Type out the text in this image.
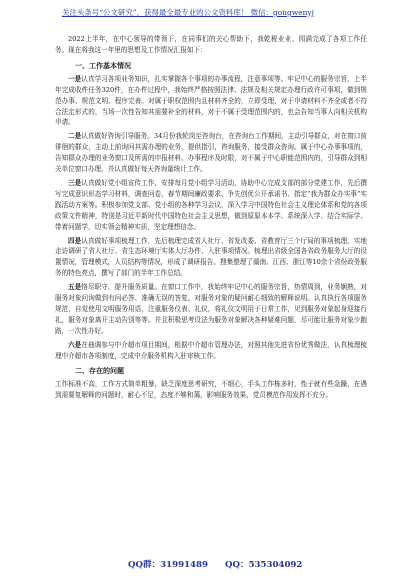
关注头条号“公文研究”，获得最全最专业的公文资料库！ 微信：gongwenyj

2022上半年，在中心领导的带领下，在同事们的关心帮助下，我乾税业业、园满完成了各项工作任务。现在将我这一年里的思想及工作情况汇报如下：

一、工作基本情况

一是认真学习各项业务知识，扎实掌握各个事项的办事流程，注意事项等。牢记中心的服务宗旨，上半年完成收件任务320件，在办件过程中，我始终严格按照法律、法规及相关规定办理行政许可事项，做到规范办事、规范文明、程序完善。对属于职权范围内且材料齐全的，立即受理，对于申请材料不齐全或者不符合法定形式的，当场一次性告知其需要补全的材料，对于不属于受理范围内的，也会告知当事人向相关机构申请。

二是认真做好咨询引导服务。34月份我轮岗至咨询台，在咨询台工作期间，主动引导群众，对在窗口前徘徊的群众，主动上前询问其需办理的业务，提供指引，咨询服务，接受群众咨询。属于中心办事事项的，告知群众办理的业务窗口及所需的申报材料、办事程序及时限，对不属于中心职能范围内的，引导群众到相关单位窗口办理，并认真做好每天咨询量统计工作。

三是认真做好党小组宣传工作，安排每月党小组学习活动，协助中心完成支部的部分党建工作，先后撰写完成意识形态学习材料，调查问卷，春节期间廉政要求、争先创优公开承诺书、指定“我为群众办实事”实践活动方案等。积极参加党支部、党小组的各种学习会议，深入学习中国特色社会主义理论体系和党的各项政策文件精神，特别是习近平新时代中国特色社会主义思想，做到原原本本学、系统深入学、结合实际学、带着问题学，切实领会精神实质，坚定理想信念。

四是认真做好事项梳理工作，先后梳理完成省人社厅、省发改委、省教育厅三个厅局的事项梳理，实地走访调研了省人社厅、省生态环境厅实体大厅办件、入驻事项情况。梳理出省级全国各省政务服务大厅的设置情况，管理模式，人员结构等情况，形成了调研报告。搜集整理了湖南、江西、浙江等10余个省份政务服务的特色亮点，撰写了部门的半年工作总结。

五是恪尽职守，提升服务质量。在窗口工作中，我始终牢记中心的服务宗旨，热情周到，业务娴熟，对服务对象问询做到有问必答、准确无误的答复，对服务对象的疑问耐心细致的解释说明。认真执行各项服务规范，自觉使用文明服务用语，注重服务仪表、礼仪，将礼仪文明用于日常工作，见到服务对象起身迎接行礼，服务对象离开主动告别等等。并且积极思考设法为服务对象解决各种疑难问题，尽可能让服务对象少跑路，一次性办好。

六是在抽调参与中介超市项目期间，根据中介超市管理办法，对照其他先进省份优秀做法，认真梳理梳理中介超市各项制度，完成中介服务机构入驻审核工作。

二、存在的问题

工作标准不高，工作方式简单粗暴，缺乏深度思考研究，不细心，手头工作栋多时，性子就有些急躁，在遇到需要复解释的问题时，耐心不足，态度不够和蔼，影响服务效果，党员模范作用发挥不充分。

QQ群：31991489 QQ：535304092
